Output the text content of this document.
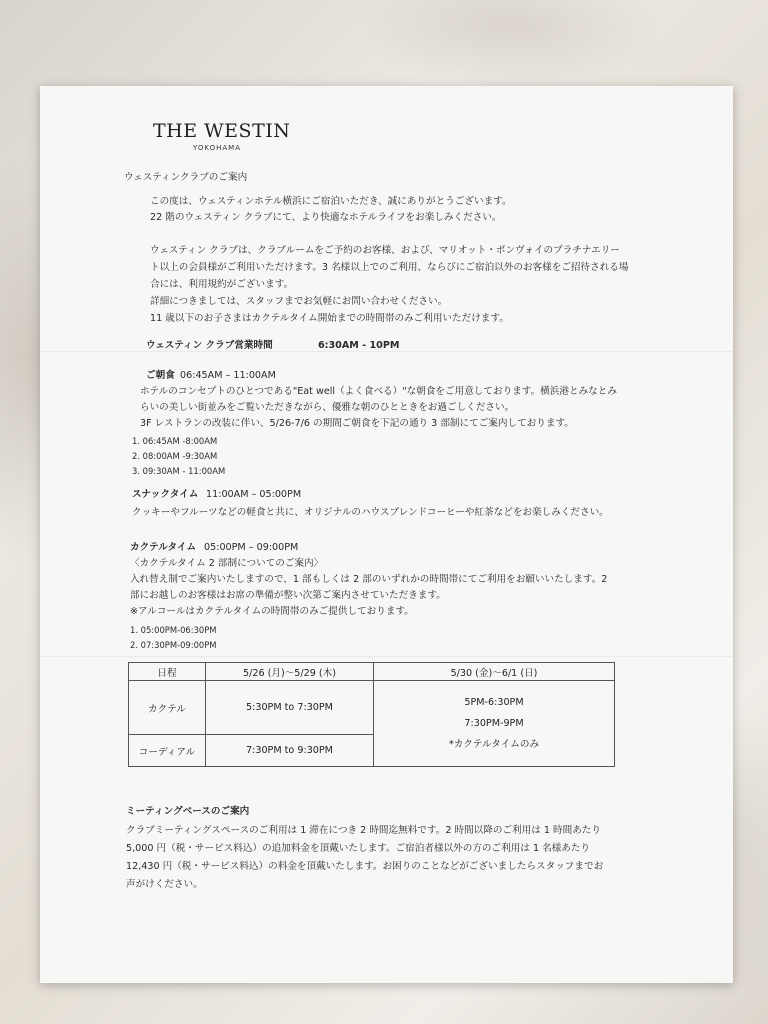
THE WESTIN
YOKOHAMA
ウェスティンクラブのご案内
この度は、ウェスティンホテル横浜にご宿泊いただき、誠にありがとうございます。
22 階のウェスティン クラブにて、より快適なホテルライフをお楽しみください。
ウェスティン クラブは、クラブルームをご予約のお客様、および、マリオット・ボンヴォイのプラチナエリー
ト以上の会員様がご利用いただけます。3 名様以上でのご利用、ならびにご宿泊以外のお客様をご招待される場
合には、利用規約がございます。
詳細につきましては、スタッフまでお気軽にお問い合わせください。
11 歳以下のお子さまはカクテルタイム開始までの時間帯のみご利用いただけます。
ウェスティン クラブ営業時間	6:30AM - 10PM
ご朝食 06:45AM – 11:00AM
ホテルのコンセプトのひとつである"Eat well（よく食べる）"な朝食をご用意しております。横浜港とみなとみ
らいの美しい街並みをご覧いただきながら、優雅な朝のひとときをお過ごしください。
3F レストランの改装に伴い、5/26-7/6 の期間ご朝食を下記の通り 3 部制にてご案内しております。
1. 06:45AM -8:00AM
2. 08:00AM -9:30AM
3. 09:30AM - 11:00AM
スナックタイム 11:00AM – 05:00PM
クッキーやフルーツなどの軽食と共に、オリジナルのハウスブレンドコーヒーや紅茶などをお楽しみください。
カクテルタイム 05:00PM – 09:00PM
〈カクテルタイム 2 部制についてのご案内〉
入れ替え制でご案内いたしますので、1 部もしくは 2 部のいずれかの時間帯にてご利用をお願いいたします。2
部にお越しのお客様はお席の準備が整い次第ご案内させていただきます。
※アルコールはカクテルタイムの時間帯のみご提供しております。
1. 05:00PM-06:30PM
2. 07:30PM-09:00PM
日程	5/26 (月)～5/29 (木)	5/30 (金)～6/1 (日)
カクテル	5:30PM to 7:30PM	5PM-6:30PM
7:30PM-9PM
*カクテルタイムのみ

コーディアル	7:30PM to 9:30PM	
ミーティングベースのご案内
クラブミーティングスペースのご利用は 1 滞在につき 2 時間迄無料です。2 時間以降のご利用は 1 時間あたり
5,000 円（税・サービス料込）の追加料金を頂戴いたします。ご宿泊者様以外の方のご利用は 1 名様あたり
12,430 円（税・サービス料込）の料金を頂戴いたします。お困りのことなどがございましたらスタッフまでお
声がけください。
